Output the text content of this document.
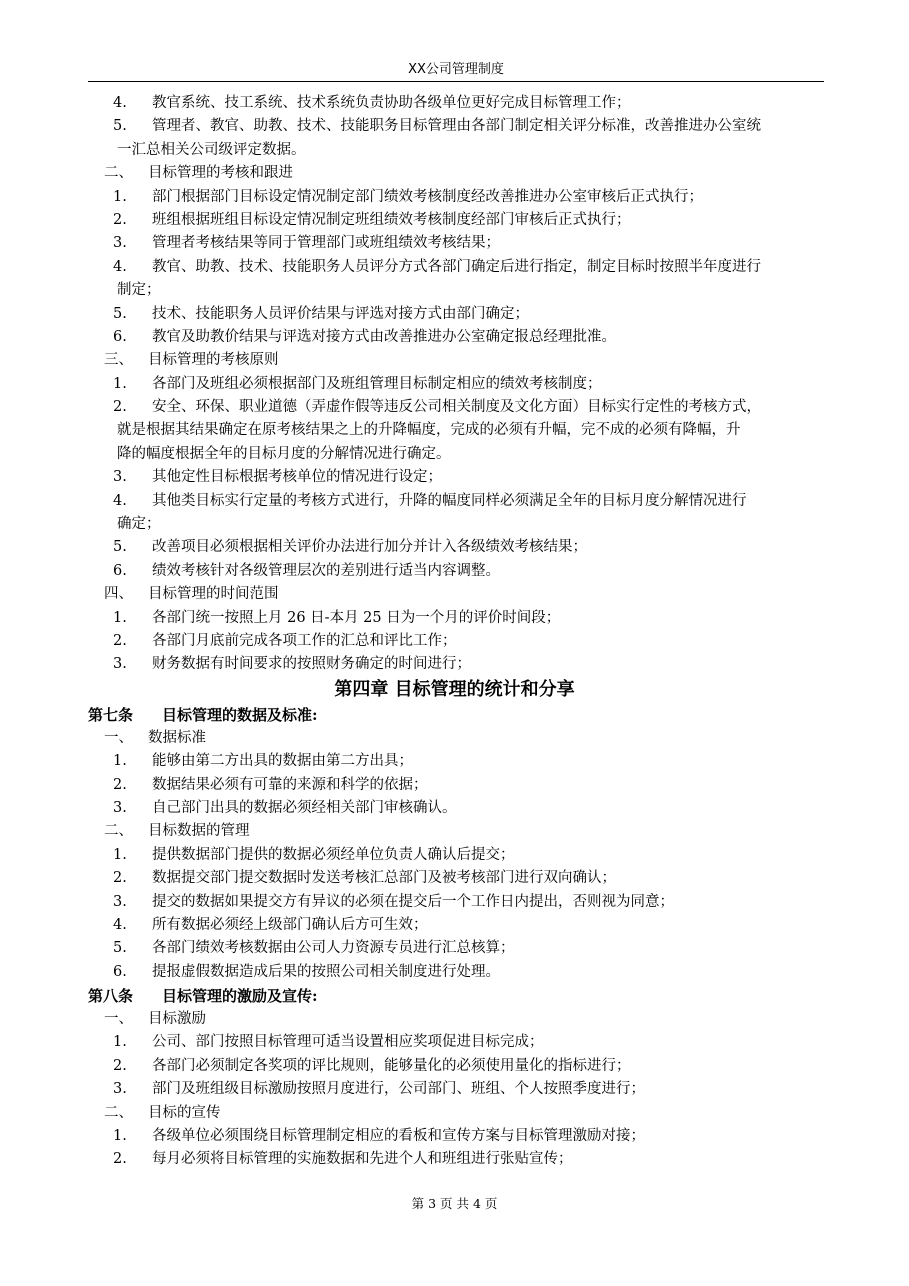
XX公司管理制度
4. 教官系统、技工系统、技术系统负责协助各级单位更好完成目标管理工作；
5. 管理者、教官、助教、技术、技能职务目标管理由各部门制定相关评分标准，改善推进办公室统
一汇总相关公司级评定数据。
二、 目标管理的考核和跟进
1. 部门根据部门目标设定情况制定部门绩效考核制度经改善推进办公室审核后正式执行；
2. 班组根据班组目标设定情况制定班组绩效考核制度经部门审核后正式执行；
3. 管理者考核结果等同于管理部门或班组绩效考核结果；
4. 教官、助教、技术、技能职务人员评分方式各部门确定后进行指定，制定目标时按照半年度进行
制定；
5. 技术、技能职务人员评价结果与评选对接方式由部门确定；
6. 教官及助教价结果与评选对接方式由改善推进办公室确定报总经理批准。
三、 目标管理的考核原则
1. 各部门及班组必须根据部门及班组管理目标制定相应的绩效考核制度；
2. 安全、环保、职业道德（弄虚作假等违反公司相关制度及文化方面）目标实行定性的考核方式，
就是根据其结果确定在原考核结果之上的升降幅度，完成的必须有升幅，完不成的必须有降幅，升
降的幅度根据全年的目标月度的分解情况进行确定。
3. 其他定性目标根据考核单位的情况进行设定；
4. 其他类目标实行定量的考核方式进行，升降的幅度同样必须满足全年的目标月度分解情况进行
确定；
5. 改善项目必须根据相关评价办法进行加分并计入各级绩效考核结果；
6. 绩效考核针对各级管理层次的差别进行适当内容调整。
四、 目标管理的时间范围
1. 各部门统一按照上月 26 日-本月 25 日为一个月的评价时间段；
2. 各部门月底前完成各项工作的汇总和评比工作；
3. 财务数据有时间要求的按照财务确定的时间进行；
第四章 目标管理的统计和分享
第七条 目标管理的数据及标准:
一、 数据标准
1. 能够由第二方出具的数据由第二方出具；
2. 数据结果必须有可靠的来源和科学的依据；
3. 自己部门出具的数据必须经相关部门审核确认。
二、 目标数据的管理
1. 提供数据部门提供的数据必须经单位负责人确认后提交；
2. 数据提交部门提交数据时发送考核汇总部门及被考核部门进行双向确认；
3. 提交的数据如果提交方有异议的必须在提交后一个工作日内提出，否则视为同意；
4. 所有数据必须经上级部门确认后方可生效；
5. 各部门绩效考核数据由公司人力资源专员进行汇总核算；
6. 提报虚假数据造成后果的按照公司相关制度进行处理。
第八条 目标管理的激励及宣传:
一、 目标激励
1. 公司、部门按照目标管理可适当设置相应奖项促进目标完成；
2. 各部门必须制定各奖项的评比规则，能够量化的必须使用量化的指标进行；
3. 部门及班组级目标激励按照月度进行，公司部门、班组、个人按照季度进行；
二、 目标的宣传
1. 各级单位必须围绕目标管理制定相应的看板和宣传方案与目标管理激励对接；
2. 每月必须将目标管理的实施数据和先进个人和班组进行张贴宣传；
第 3 页 共 4 页
